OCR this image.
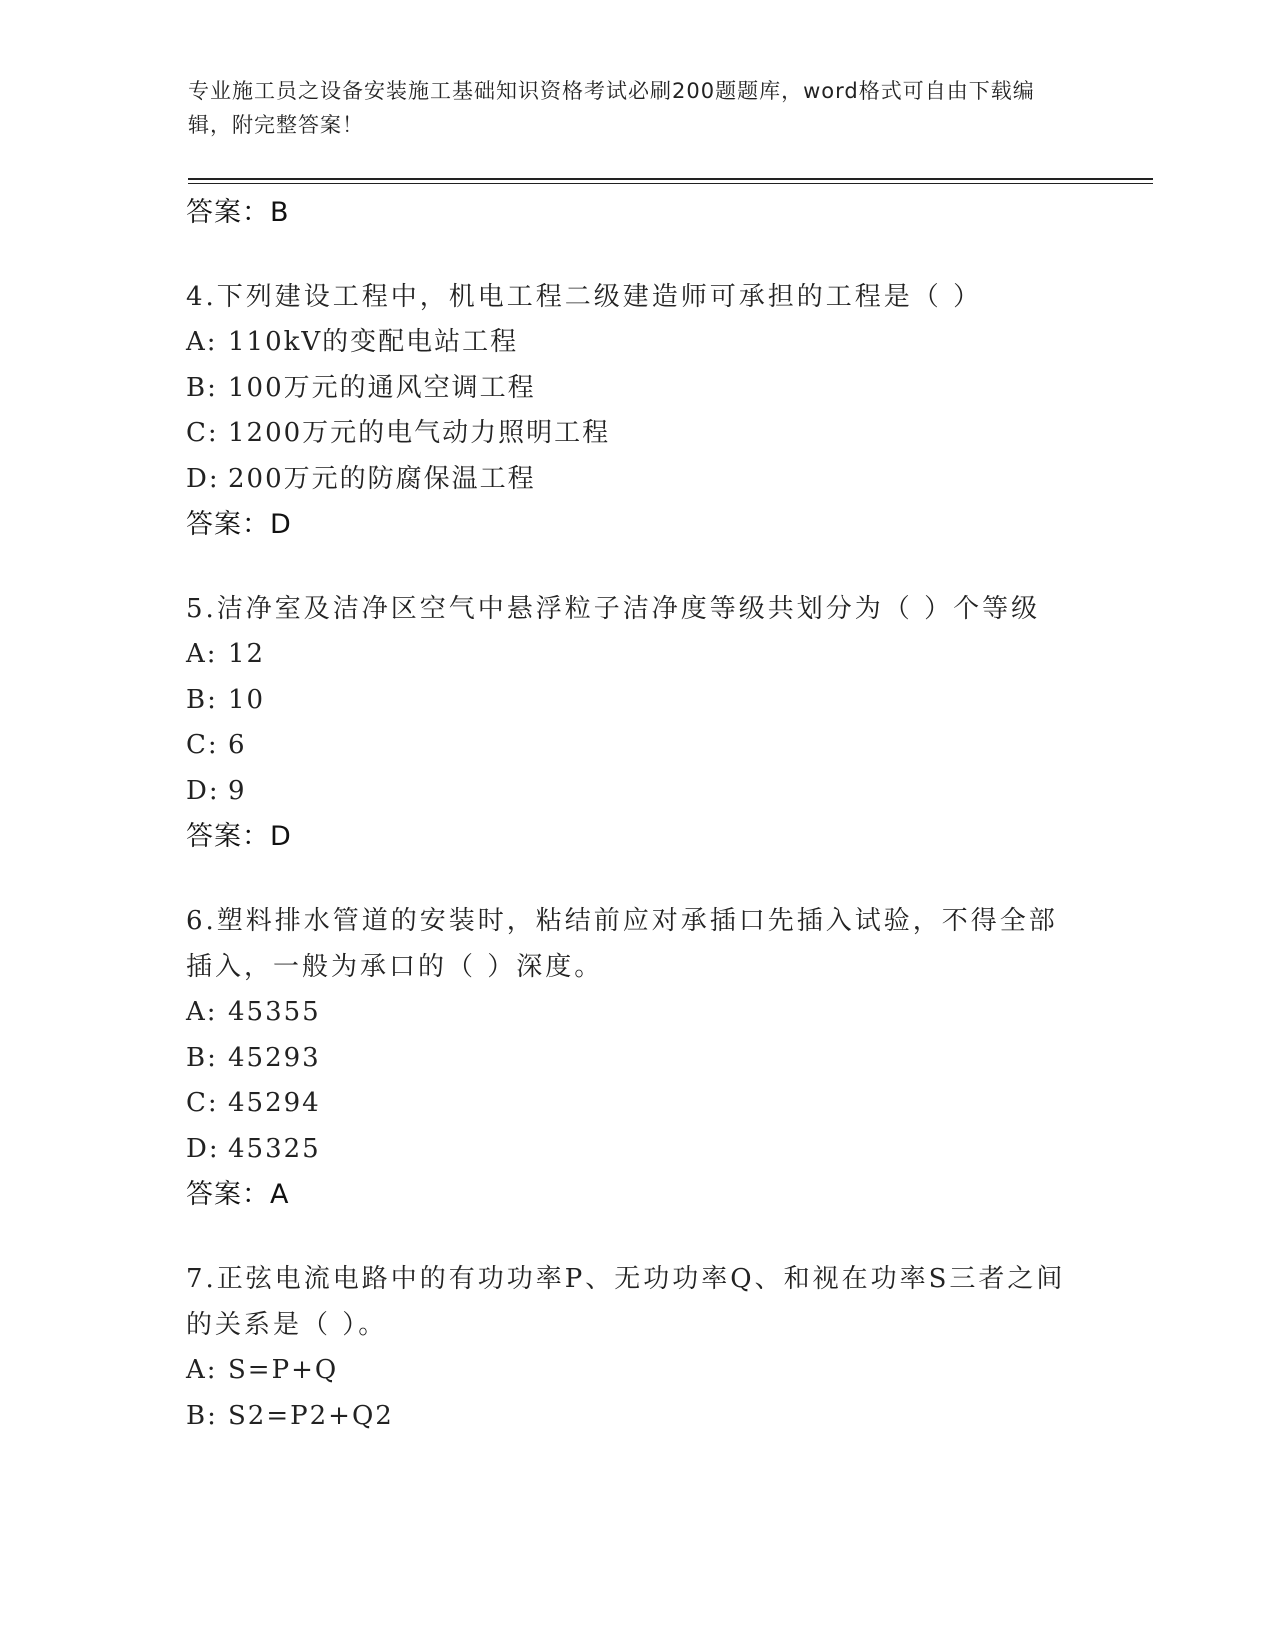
专业施工员之设备安装施工基础知识资格考试必刷200题题库，word格式可自由下载编辑，附完整答案！
答案：B
4.下列建设工程中，机电工程二级建造师可承担的工程是（ ）
A: 110kV的变配电站工程
B: 100万元的通风空调工程
C: 1200万元的电气动力照明工程
D: 200万元的防腐保温工程
答案：D
5.洁净室及洁净区空气中悬浮粒子洁净度等级共划分为（ ）个等级
A: 12
B: 10
C: 6
D: 9
答案：D
6.塑料排水管道的安装时，粘结前应对承插口先插入试验，不得全部插入，一般为承口的（ ）深度。
A: 45355
B: 45293
C: 45294
D: 45325
答案：A
7.正弦电流电路中的有功功率P、无功功率Q、和视在功率S三者之间的关系是（ ）。
A: S=P+Q
B: S2=P2+Q2
